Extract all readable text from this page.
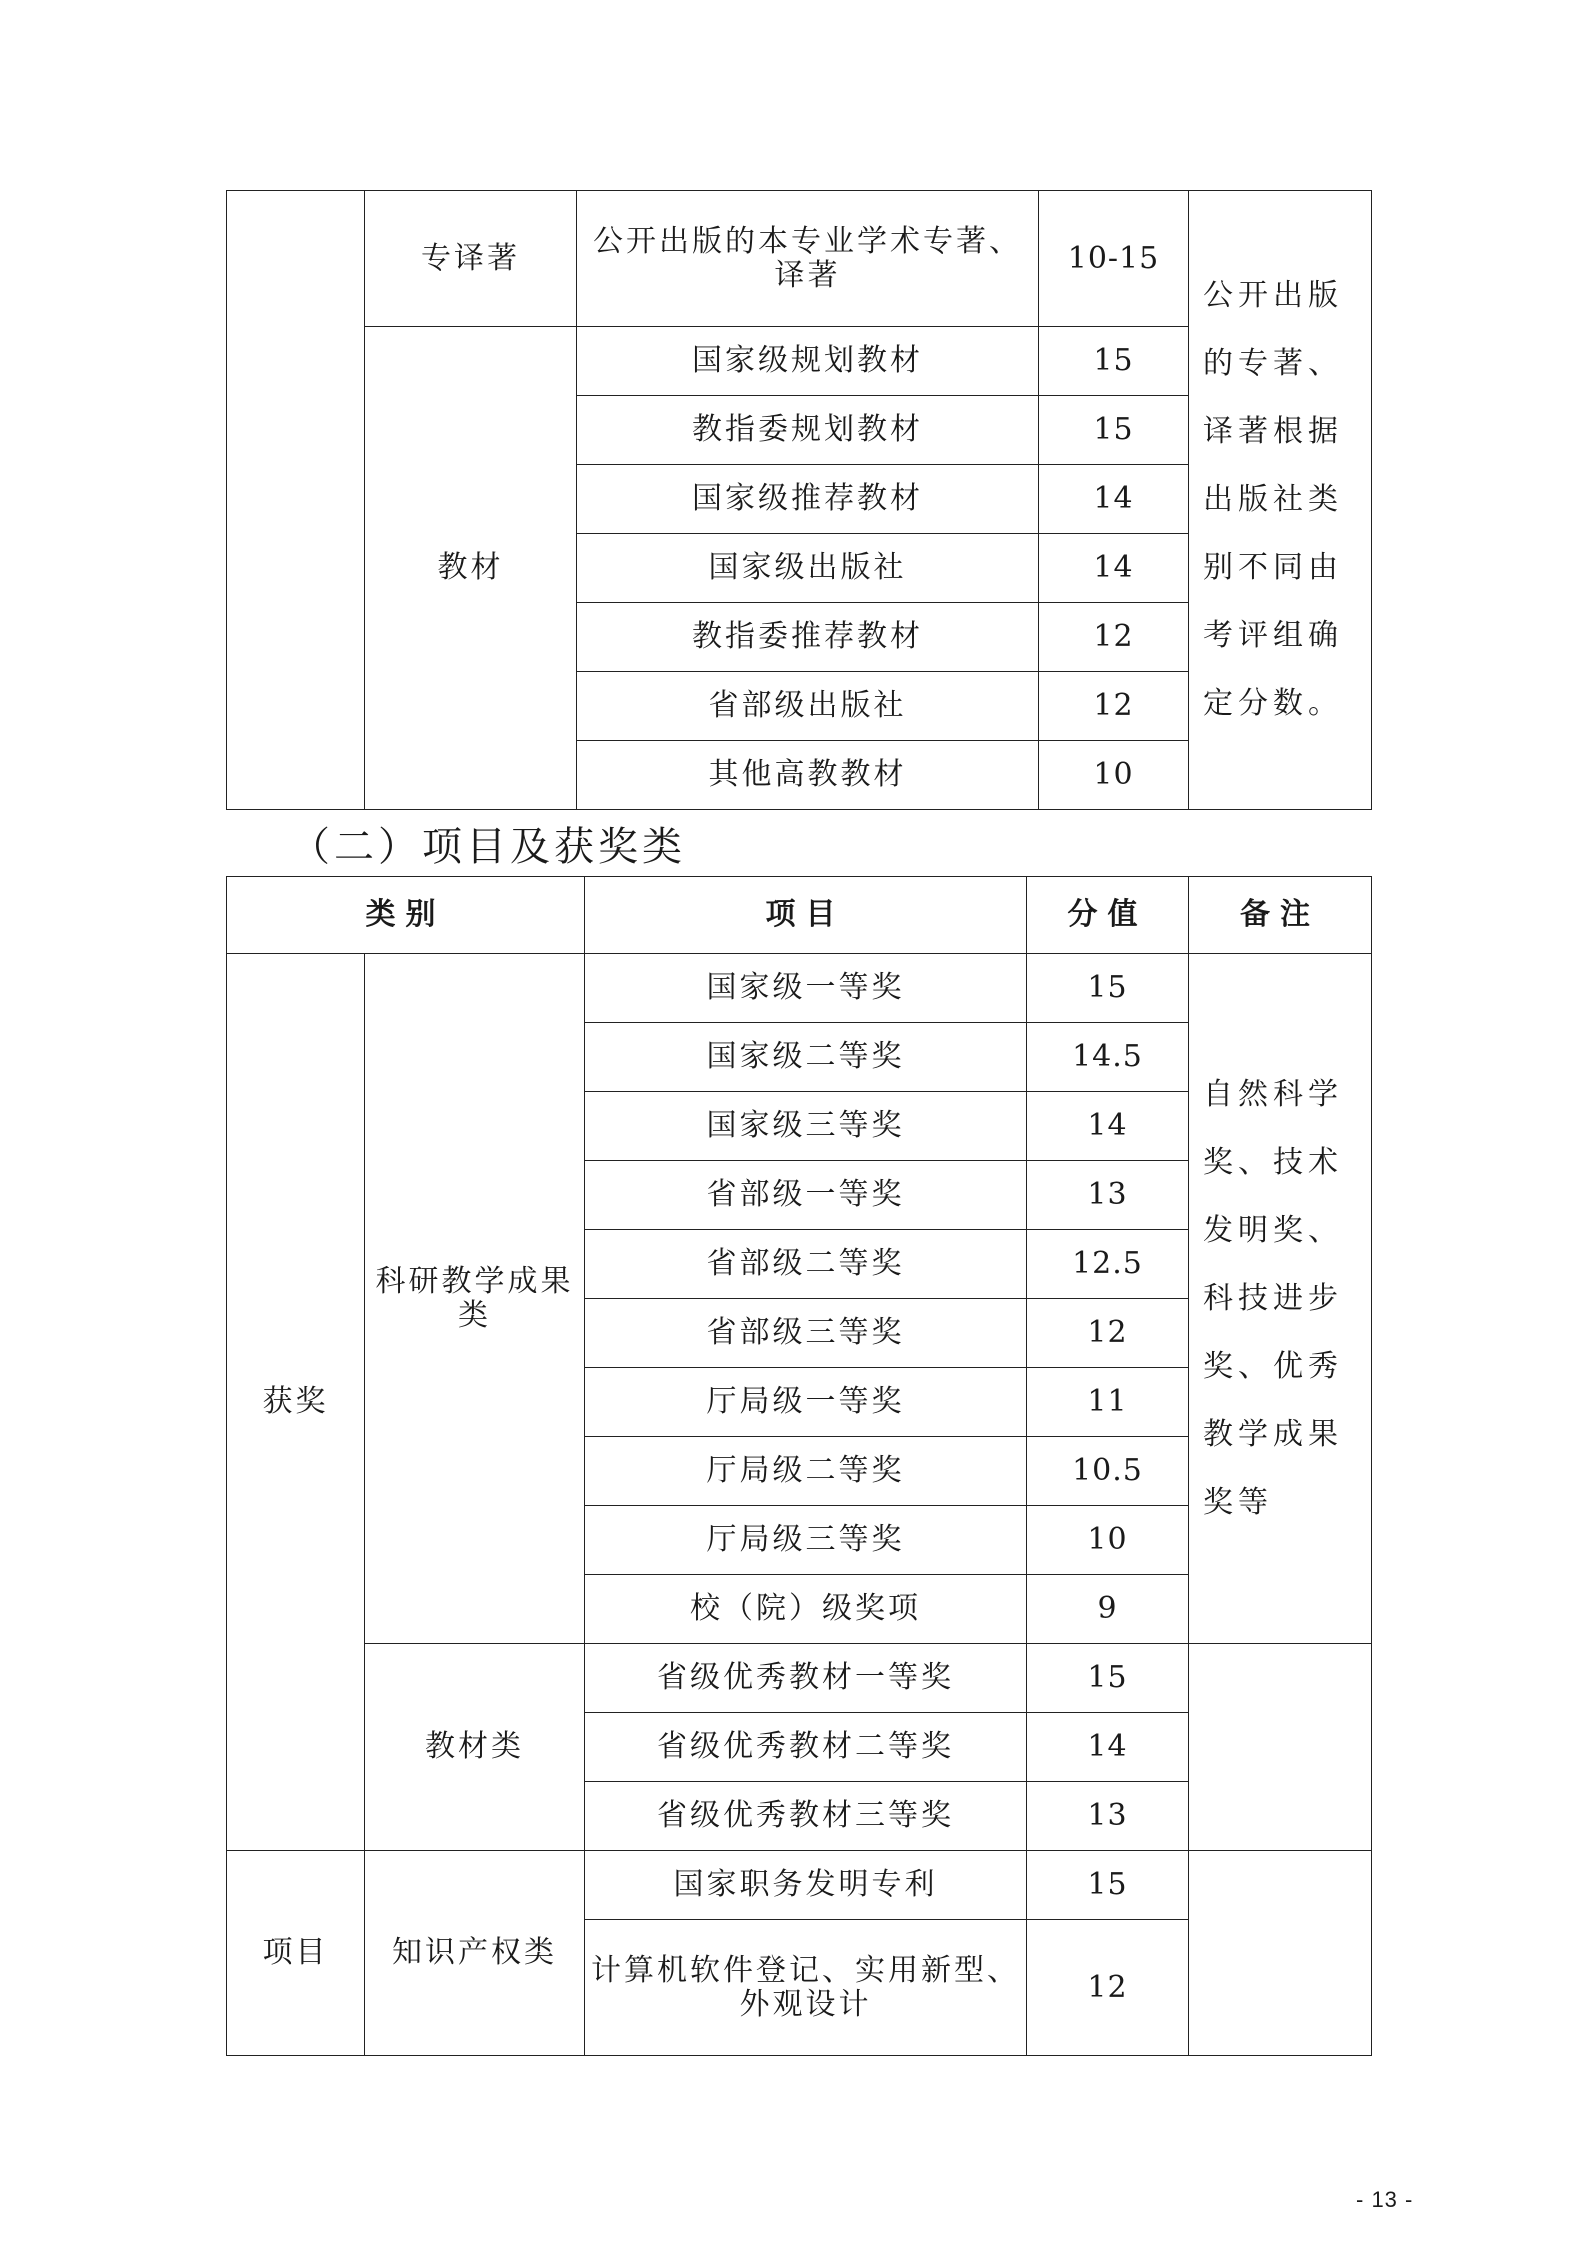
	专译著	公开出版的本专业学术专著、译著	10-15	公开出版的专著、译著根据出版社类别不同由考评组确定分数。
	教材	国家级规划教材	15	
		教指委规划教材	15	
		国家级推荐教材	14	
		国家级出版社	14	
		教指委推荐教材	12	
		省部级出版社	12	
		其他高教教材	10	
（二）项目及获奖类
类别		项目	分值	备注
获奖	科研教学成果类	国家级一等奖	15	自然科学奖、技术发明奖、科技进步奖、优秀教学成果奖等
		国家级二等奖	14.5	
		国家级三等奖	14	
		省部级一等奖	13	
		省部级二等奖	12.5	
		省部级三等奖	12	
		厅局级一等奖	11	
		厅局级二等奖	10.5	
		厅局级三等奖	10	
		校（院）级奖项	9	
	教材类	省级优秀教材一等奖	15	
		省级优秀教材二等奖	14	
		省级优秀教材三等奖	13	
项目	知识产权类	国家职务发明专利	15	
		计算机软件登记、实用新型、外观设计	12	
- 13 -
